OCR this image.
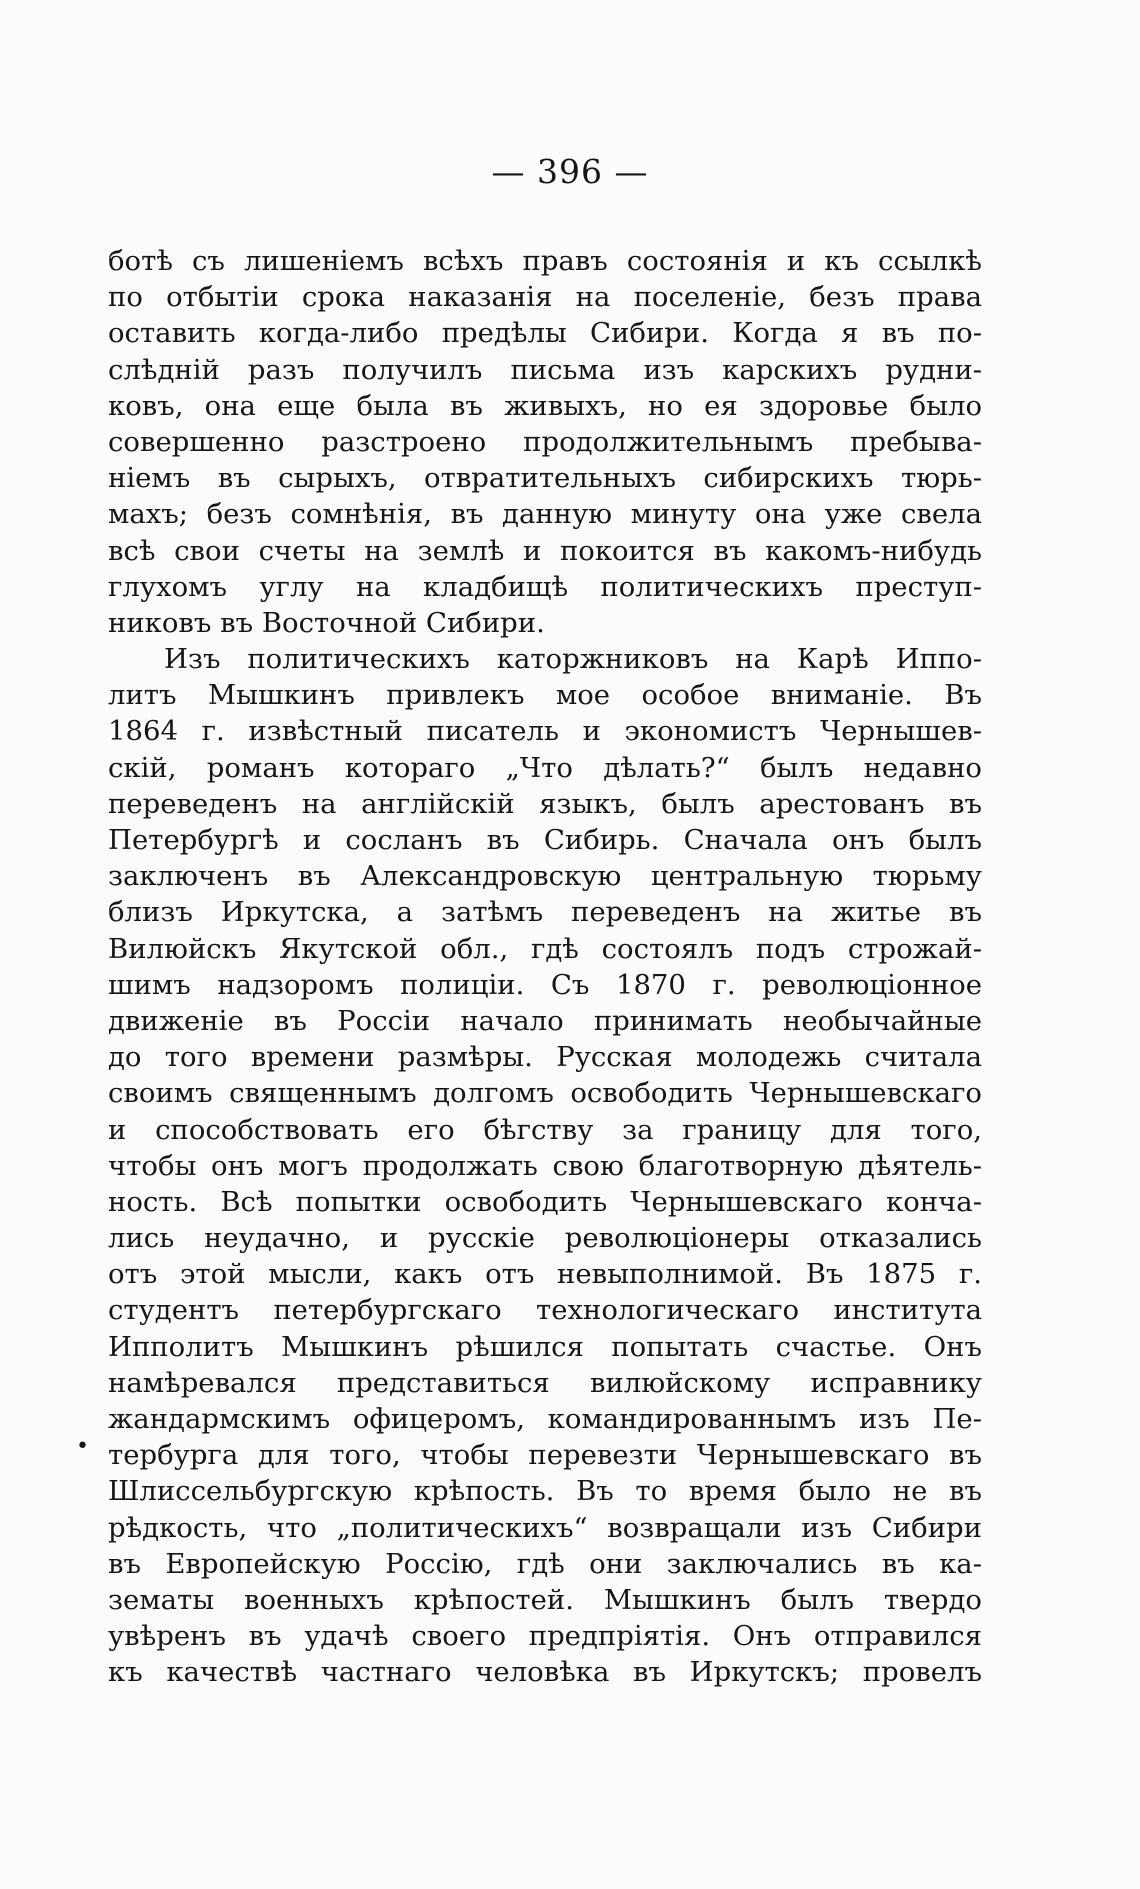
— 396 —
•
ботѣ съ лишеніемъ всѣхъ правъ состоянія и къ ссылкѣ
по отбытіи срока наказанія на поселеніе, безъ права
оставить когда-либо предѣлы Сибири. Когда я въ по-
слѣдній разъ получилъ письма изъ карскихъ рудни-
ковъ, она еще была въ живыхъ, но ея здоровье было
совершенно разстроено продолжительнымъ пребыва-
ніемъ въ сырыхъ, отвратительныхъ сибирскихъ тюрь-
махъ; безъ сомнѣнія, въ данную минуту она уже свела
всѣ свои счеты на землѣ и покоится въ какомъ-нибудь
глухомъ углу на кладбищѣ политическихъ преступ-
никовъ въ Восточной Сибири.
Изъ политическихъ каторжниковъ на Карѣ Иппо-
литъ Мышкинъ привлекъ мое особое вниманіе. Въ
1864 г. извѣстный писатель и экономистъ Чернышев-
скій, романъ котораго „Что дѣлать?“ былъ недавно
переведенъ на англійскій языкъ, былъ арестованъ въ
Петербургѣ и сосланъ въ Сибирь. Сначала онъ былъ
заключенъ въ Александровскую центральную тюрьму
близъ Иркутска, а затѣмъ переведенъ на житье въ
Вилюйскъ Якутской обл., гдѣ состоялъ подъ строжай-
шимъ надзоромъ полиціи. Съ 1870 г. революціонное
движеніе въ Россіи начало принимать необычайные
до того времени размѣры. Русская молодежь считала
своимъ священнымъ долгомъ освободить Чернышевскаго
и способствовать его бѣгству за границу для того,
чтобы онъ могъ продолжать свою благотворную дѣятель-
ность. Всѣ попытки освободить Чернышевскаго конча-
лись неудачно, и русскіе революціонеры отказались
отъ этой мысли, какъ отъ невыполнимой. Въ 1875 г.
студентъ петербургскаго технологическаго института
Ипполитъ Мышкинъ рѣшился попытать счастье. Онъ
намѣревался представиться вилюйскому исправнику
жандармскимъ офицеромъ, командированнымъ изъ Пе-
тербурга для того, чтобы перевезти Чернышевскаго въ
Шлиссельбургскую крѣпость. Въ то время было не въ
рѣдкость, что „политическихъ“ возвращали изъ Сибири
въ Европейскую Россію, гдѣ они заключались въ ка-
зематы военныхъ крѣпостей. Мышкинъ былъ твердо
увѣренъ въ удачѣ своего предпріятія. Онъ отправился
къ качествѣ частнаго человѣка въ Иркутскъ; провелъ
